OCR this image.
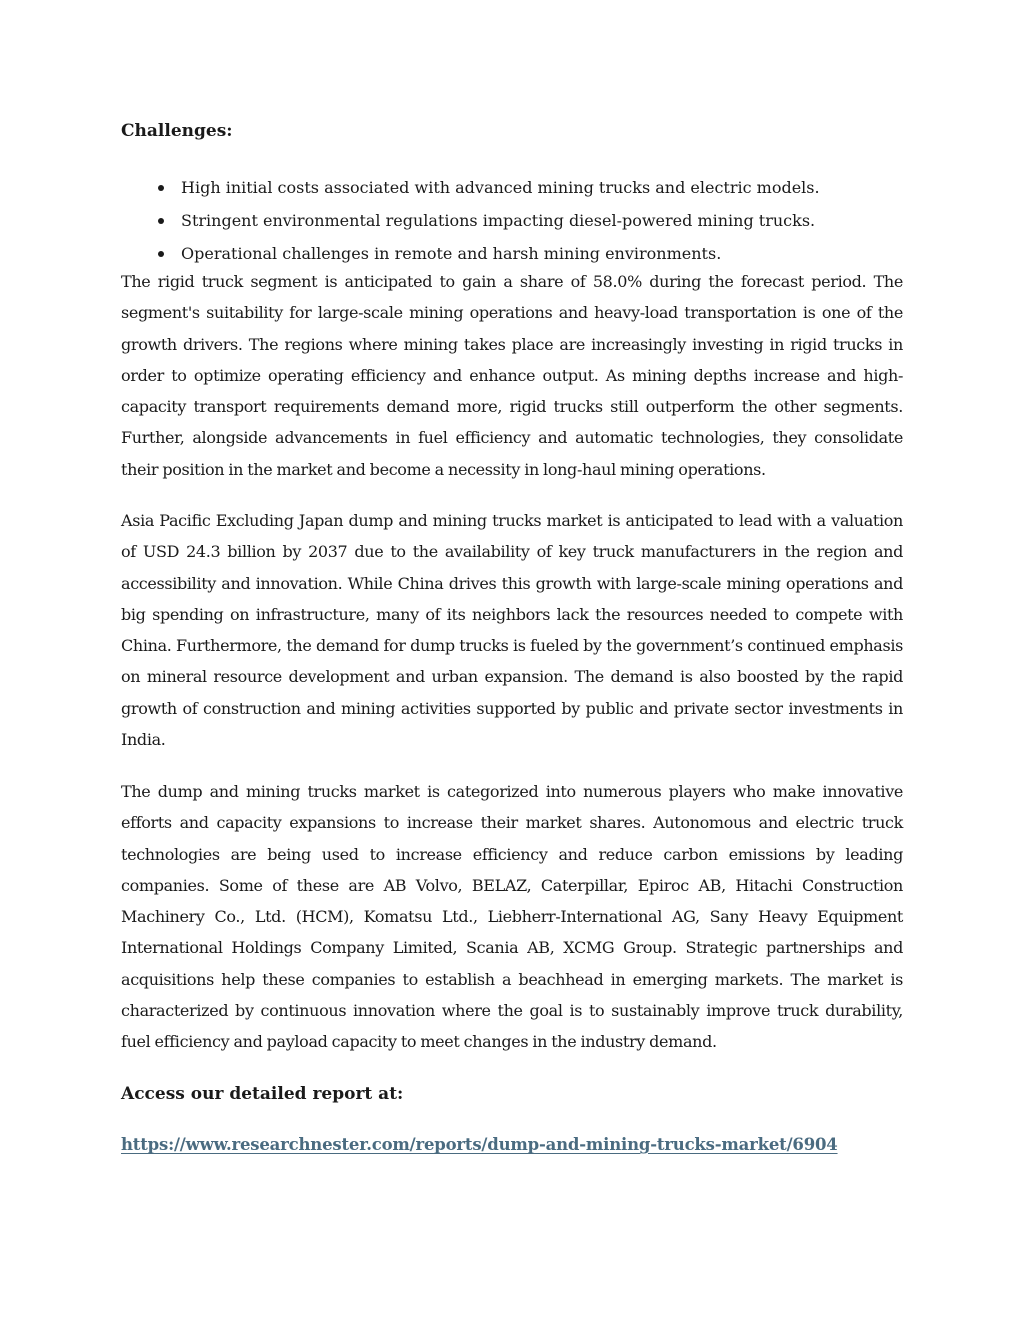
Challenges:
High initial costs associated with advanced mining trucks and electric models.
Stringent environmental regulations impacting diesel-powered mining trucks.
Operational challenges in remote and harsh mining environments.

The rigid truck segment is anticipated to gain a share of 58.0% during the forecast period. The segment's suitability for large-scale mining operations and heavy-load transportation is one of the growth drivers. The regions where mining takes place are increasingly investing in rigid trucks in order to optimize operating efficiency and enhance output. As mining depths increase and high-capacity transport requirements demand more, rigid trucks still outperform the other segments. Further, alongside advancements in fuel efficiency and automatic technologies, they consolidate their position in the market and become a necessity in long-haul mining operations.

Asia Pacific Excluding Japan dump and mining trucks market is anticipated to lead with a valuation of USD 24.3 billion by 2037 due to the availability of key truck manufacturers in the region and accessibility and innovation. While China drives this growth with large-scale mining operations and big spending on infrastructure, many of its neighbors lack the resources needed to compete with China. Furthermore, the demand for dump trucks is fueled by the government’s continued emphasis on mineral resource development and urban expansion. The demand is also boosted by the rapid growth of construction and mining activities supported by public and private sector investments in India.

The dump and mining trucks market is categorized into numerous players who make innovative efforts and capacity expansions to increase their market shares. Autonomous and electric truck technologies are being used to increase efficiency and reduce carbon emissions by leading companies. Some of these are AB Volvo, BELAZ, Caterpillar, Epiroc AB, Hitachi Construction Machinery Co., Ltd. (HCM), Komatsu Ltd., Liebherr-International AG, Sany Heavy Equipment International Holdings Company Limited, Scania AB, XCMG Group. Strategic partnerships and acquisitions help these companies to establish a beachhead in emerging markets. The market is characterized by continuous innovation where the goal is to sustainably improve truck durability, fuel efficiency and payload capacity to meet changes in the industry demand.

Access our detailed report at:
https://www.researchnester.com/reports/dump-and-mining-trucks-market/6904
